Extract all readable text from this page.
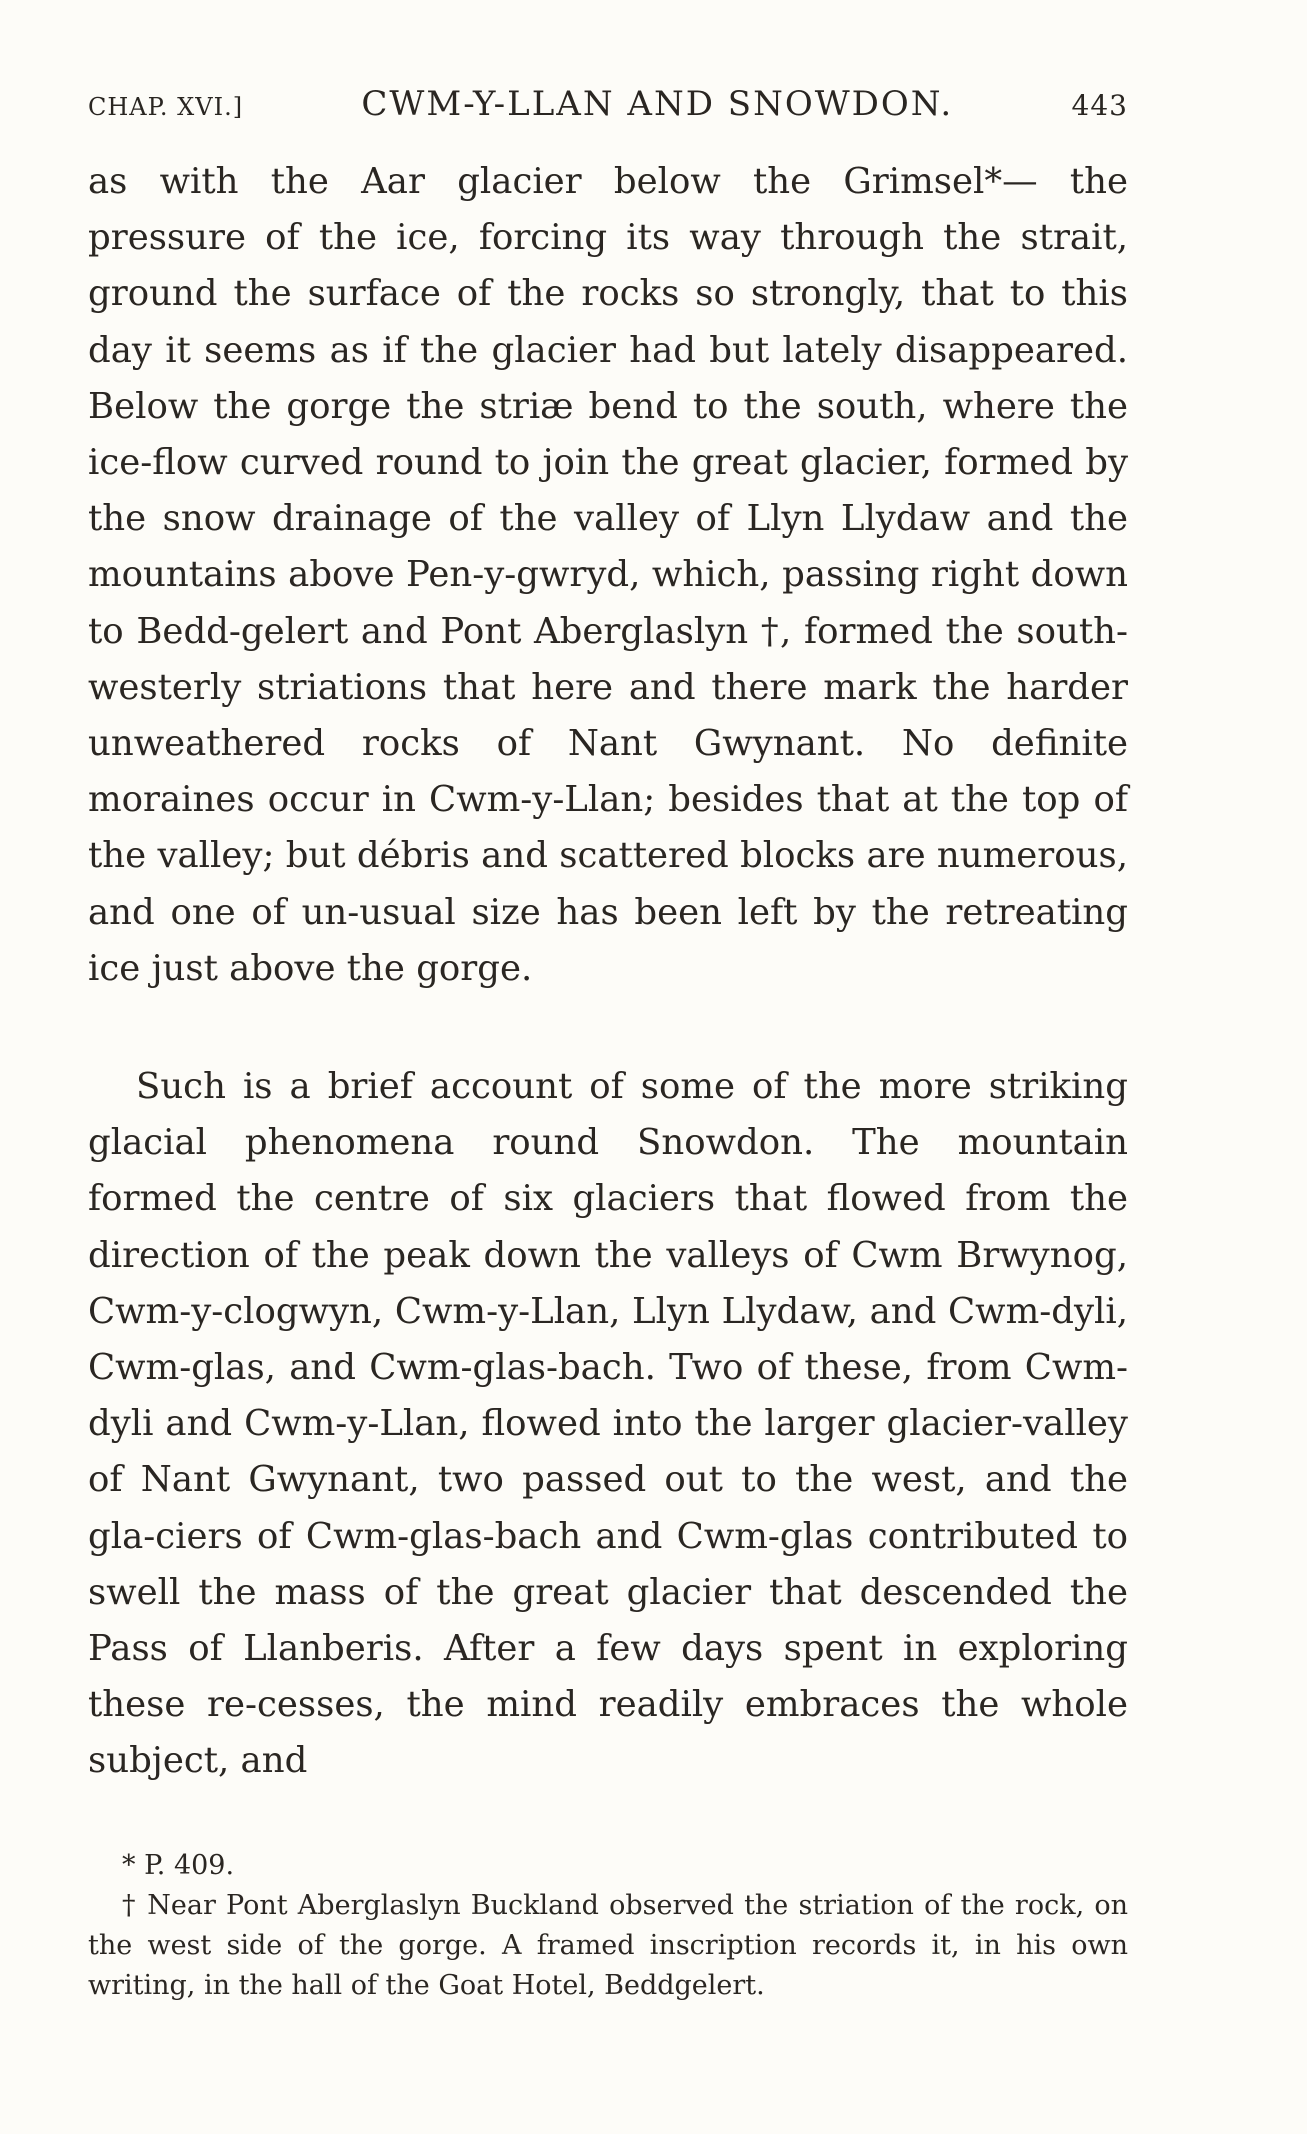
CHAP. XVI.]	CWM-Y-LLAN AND SNOWDON.	443

as with the Aar glacier below the Grimsel*— the pressure of the ice, forcing its way through the strait, ground the surface of the rocks so strongly, that to this day it seems as if the glacier had but lately disappeared. Below the gorge the striæ bend to the south, where the ice-flow curved round to join the great glacier, formed by the snow drainage of the valley of Llyn Llydaw and the mountains above Pen-y-gwryd, which, passing right down to Bedd-gelert and Pont Aberglaslyn †, formed the south-westerly striations that here and there mark the harder unweathered rocks of Nant Gwynant. No definite moraines occur in Cwm-y-Llan; besides that at the top of the valley; but débris and scattered blocks are numerous, and one of un-usual size has been left by the retreating ice just above the gorge.

Such is a brief account of some of the more striking glacial phenomena round Snowdon. The mountain formed the centre of six glaciers that flowed from the direction of the peak down the valleys of Cwm Brwynog, Cwm-y-clogwyn, Cwm-y-Llan, Llyn Llydaw, and Cwm-dyli, Cwm-glas, and Cwm-glas-bach. Two of these, from Cwm-dyli and Cwm-y-Llan, flowed into the larger glacier-valley of Nant Gwynant, two passed out to the west, and the gla-ciers of Cwm-glas-bach and Cwm-glas contributed to swell the mass of the great glacier that descended the Pass of Llanberis. After a few days spent in exploring these re-cesses, the mind readily embraces the whole subject, and

* P. 409.

† Near Pont Aberglaslyn Buckland observed the striation of the rock, on the west side of the gorge. A framed inscription records it, in his own writing, in the hall of the Goat Hotel, Beddgelert.
